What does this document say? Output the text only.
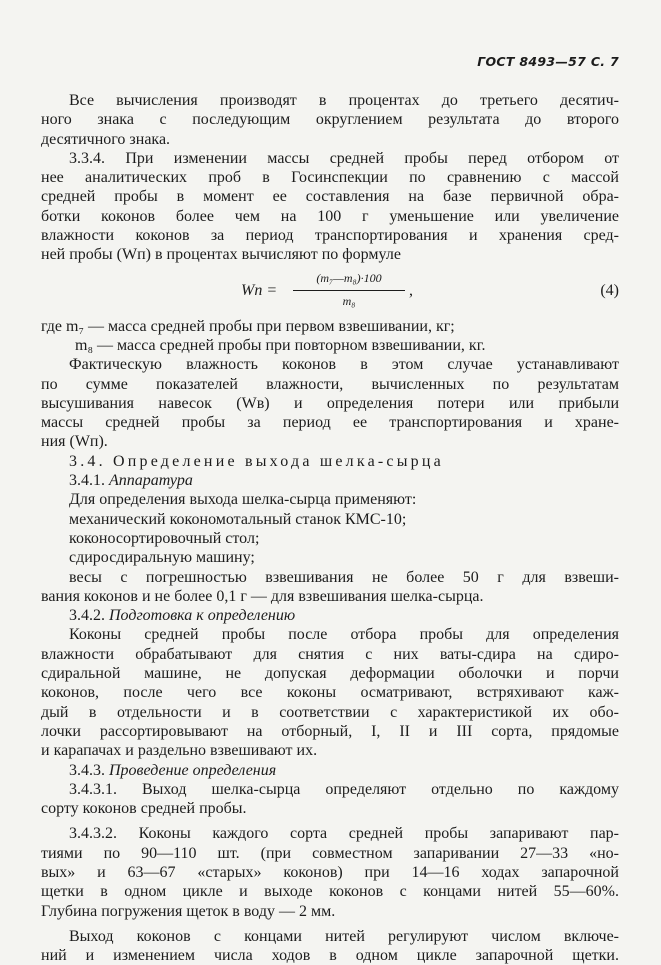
ГОСТ 8493—57 С. 7
Все вычисления производят в процентах до третьего десятич-
ного знака с последующим округлением результата до второго
десятичного знака.
3.3.4. При изменении массы средней пробы перед отбором от
нее аналитических проб в Госинспекции по сравнению с массой
средней пробы в момент ее составления на базе первичной обра-
ботки коконов более чем на 100 г уменьшение или увеличение
влажности коконов за период транспортирования и хранения сред-
ней пробы (Wп) в процентах вычисляют по формуле
Wп = $\frac{\text{(m₇—m₈)·100}}{\text{m₈}}$ ,	(4)
где m₇ — масса средней пробы при первом взвешивании, кг;
m₈ — масса средней пробы при повторном взвешивании, кг.
Фактическую влажность коконов в этом случае устанавливают
по сумме показателей влажности, вычисленных по результатам
высушивания навесок (Wв) и определения потери или прибыли
массы средней пробы за период ее транспортирования и хране-
ния (Wп).
3.4. Определение выхода шелка-сырца
3.4.1. Аппаратура
Для определения выхода шелка-сырца применяют:
механический кокономотальный станок КМС-10;
коконосортировочный стол;
сдиросдиральную машину;
весы с погрешностью взвешивания не более 50 г для взвеши-
вания коконов и не более 0,1 г — для взвешивания шелка-сырца.
3.4.2. Подготовка к определению
Коконы средней пробы после отбора пробы для определения
влажности обрабатывают для снятия с них ваты-сдира на сдиро-
сдиральной машине, не допуская деформации оболочки и порчи
коконов, после чего все коконы осматривают, встряхивают каж-
дый в отдельности и в соответствии с характеристикой их обо-
лочки рассортировывают на отборный, I, II и III сорта, прядомые
и карапачах и раздельно взвешивают их.
3.4.3. Проведение определения
3.4.3.1. Выход шелка-сырца определяют отдельно по каждому
сорту коконов средней пробы.
3.4.3.2. Коконы каждого сорта средней пробы запаривают пар-
тиями по 90—110 шт. (при совместном запаривании 27—33 «но-
вых» и 63—67 «старых» коконов) при 14—16 ходах запарочной
щетки в одном цикле и выходе коконов с концами нитей 55—60%.
Глубина погружения щеток в воду — 2 мм.
Выход коконов с концами нитей регулируют числом включе-
ний и изменением числа ходов в одном цикле запарочной щетки.
